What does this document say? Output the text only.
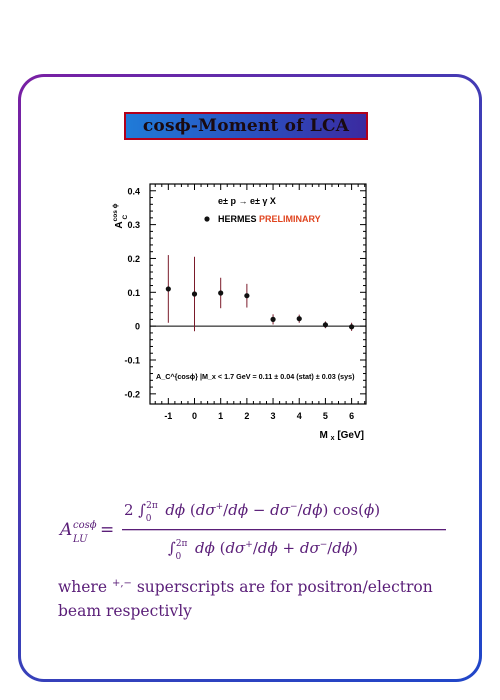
cosϕ-Moment of LCA
0.4
0.3
0.2
0.1
0
-0.1
-0.2
-1 0 1 2 3 4 5 6
M $_x$ [GeV]
$A^{cos \phi}$ C
e± p → e± γ X
HERMES PRELIMINARY
A_C^{cosϕ} |M_x < 1.7 GeV = 0.11 ± 0.04 (stat) ± 0.03 (sys)
A cosϕ
LU =
2 ∫$^{2\pi}$ 0 dϕ (dσ+/dϕ − dσ−/dϕ) cos(ϕ)
∫$^{2\pi}$ 0 dϕ (dσ+/dϕ + dσ−/dϕ)
where +,− superscripts are for positron/electron beam respectivly
